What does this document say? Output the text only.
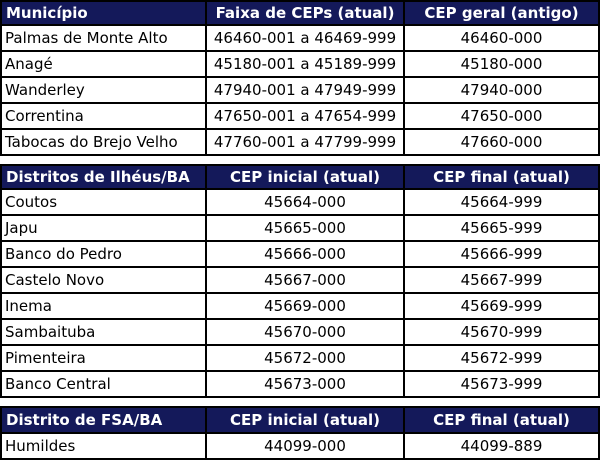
Município	Faixa de CEPs (atual)	CEP geral (antigo)
Palmas de Monte Alto	46460-001 a 46469-999	46460-000
Anagé	45180-001 a 45189-999	45180-000
Wanderley	47940-001 a 47949-999	47940-000
Correntina	47650-001 a 47654-999	47650-000
Tabocas do Brejo Velho	47760-001 a 47799-999	47660-000

Distritos de Ilhéus/BA	CEP inicial (atual)	CEP final (atual)
Coutos	45664-000	45664-999
Japu	45665-000	45665-999
Banco do Pedro	45666-000	45666-999
Castelo Novo	45667-000	45667-999
Inema	45669-000	45669-999
Sambaituba	45670-000	45670-999
Pimenteira	45672-000	45672-999
Banco Central	45673-000	45673-999

Distrito de FSA/BA	CEP inicial (atual)	CEP final (atual)
Humildes	44099-000	44099-889
